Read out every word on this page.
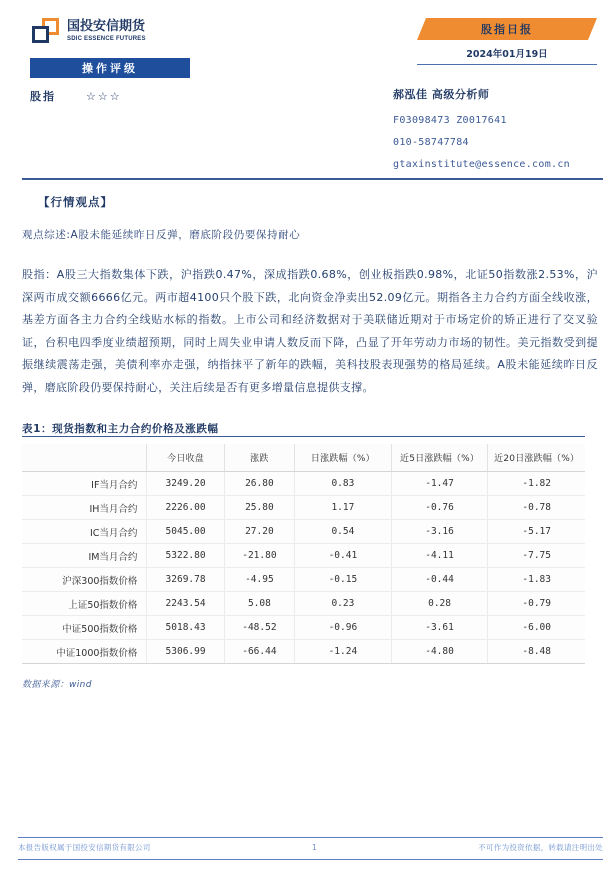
国投安信期货
SDIC ESSENCE FUTURES
操作评级
股指	☆☆☆
股指日报
2024年01月19日
郝泓佳 高级分析师
F03098473 Z0017641
010-58747784
gtaxinstitute@essence.com.cn
【行情观点】
观点综述:A股未能延续昨日反弹，磨底阶段仍要保持耐心
股指：A股三大指数集体下跌，沪指跌0.47%，深成指跌0.68%，创业板指跌0.98%，北证50指数涨2.53%，沪深两市成交额6666亿元。两市超4100只个股下跌，北向资金净卖出52.09亿元。期指各主力合约方面全线收涨，基差方面各主力合约全线贴水标的指数。上市公司和经济数据对于美联储近期对于市场定价的矫正进行了交叉验证，台积电四季度业绩超预期，同时上周失业申请人数反而下降，凸显了开年劳动力市场的韧性。美元指数受到提振继续震荡走强，美债利率亦走强，纳指抹平了新年的跌幅，美科技股表现强势的格局延续。A股未能延续昨日反弹，磨底阶段仍要保持耐心，关注后续是否有更多增量信息提供支撑。
表1：现货指数和主力合约价格及涨跌幅
	今日收盘	涨跌	日涨跌幅（%）	近5日涨跌幅（%）	近20日涨跌幅（%）
IF当月合约	3249.20	26.80	0.83	-1.47	-1.82
IH当月合约	2226.00	25.80	1.17	-0.76	-0.78
IC当月合约	5045.00	27.20	0.54	-3.16	-5.17
IM当月合约	5322.80	-21.80	-0.41	-4.11	-7.75
沪深300指数价格	3269.78	-4.95	-0.15	-0.44	-1.83
上证50指数价格	2243.54	5.08	0.23	0.28	-0.79
中证500指数价格	5018.43	-48.52	-0.96	-3.61	-6.00
中证1000指数价格	5306.99	-66.44	-1.24	-4.80	-8.48
数据来源：wind
本报告版权属于国投安信期货有限公司	1	不可作为投资依据，转载请注明出处
